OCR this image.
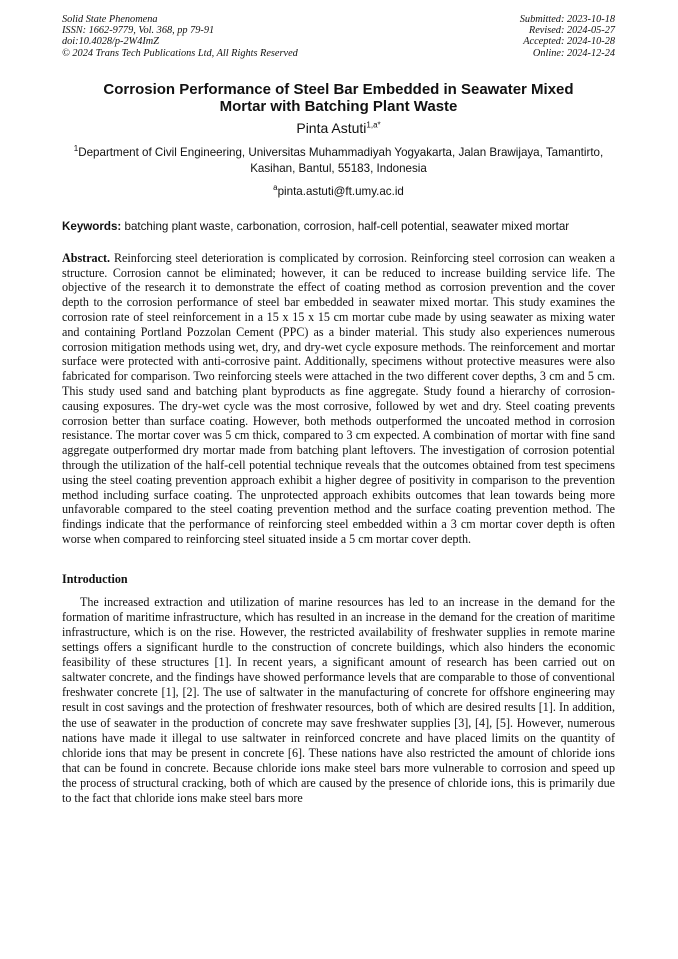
Solid State Phenomena
ISSN: 1662-9779, Vol. 368, pp 79-91
doi:10.4028/p-2W4ImZ
© 2024 Trans Tech Publications Ltd, All Rights Reserved
Submitted: 2023-10-18
Revised: 2024-05-27
Accepted: 2024-10-28
Online: 2024-12-24
Corrosion Performance of Steel Bar Embedded in Seawater Mixed Mortar with Batching Plant Waste
Pinta Astuti$^{1,a*}$
$^1$Department of Civil Engineering, Universitas Muhammadiyah Yogyakarta, Jalan Brawijaya, Tamantirto, Kasihan, Bantul, 55183, Indonesia
$^a$pinta.astuti@ft.umy.ac.id
Keywords: batching plant waste, carbonation, corrosion, half-cell potential, seawater mixed mortar
Abstract. Reinforcing steel deterioration is complicated by corrosion. Reinforcing steel corrosion can weaken a structure. Corrosion cannot be eliminated; however, it can be reduced to increase building service life. The objective of the research it to demonstrate the effect of coating method as corrosion prevention and the cover depth to the corrosion performance of steel bar embedded in seawater mixed mortar. This study examines the corrosion rate of steel reinforcement in a 15 x 15 x 15 cm mortar cube made by using seawater as mixing water and containing Portland Pozzolan Cement (PPC) as a binder material. This study also experiences numerous corrosion mitigation methods using wet, dry, and dry-wet cycle exposure methods. The reinforcement and mortar surface were protected with anti-corrosive paint. Additionally, specimens without protective measures were also fabricated for comparison. Two reinforcing steels were attached in the two different cover depths, 3 cm and 5 cm. This study used sand and batching plant byproducts as fine aggregate. Study found a hierarchy of corrosion-causing exposures. The dry-wet cycle was the most corrosive, followed by wet and dry. Steel coating prevents corrosion better than surface coating. However, both methods outperformed the uncoated method in corrosion resistance. The mortar cover was 5 cm thick, compared to 3 cm expected. A combination of mortar with fine sand aggregate outperformed dry mortar made from batching plant leftovers. The investigation of corrosion potential through the utilization of the half-cell potential technique reveals that the outcomes obtained from test specimens using the steel coating prevention approach exhibit a higher degree of positivity in comparison to the prevention method including surface coating. The unprotected approach exhibits outcomes that lean towards being more unfavorable compared to the steel coating prevention method and the surface coating prevention method. The findings indicate that the performance of reinforcing steel embedded within a 3 cm mortar cover depth is often worse when compared to reinforcing steel situated inside a 5 cm mortar cover depth.
Introduction
The increased extraction and utilization of marine resources has led to an increase in the demand for the formation of maritime infrastructure, which has resulted in an increase in the demand for the creation of maritime infrastructure, which is on the rise. However, the restricted availability of freshwater supplies in remote marine settings offers a significant hurdle to the construction of concrete buildings, which also hinders the economic feasibility of these structures [1]. In recent years, a significant amount of research has been carried out on saltwater concrete, and the findings have showed performance levels that are comparable to those of conventional freshwater concrete [1], [2]. The use of saltwater in the manufacturing of concrete for offshore engineering may result in cost savings and the protection of freshwater resources, both of which are desired results [1]. In addition, the use of seawater in the production of concrete may save freshwater supplies [3], [4], [5]. However, numerous nations have made it illegal to use saltwater in reinforced concrete and have placed limits on the quantity of chloride ions that may be present in concrete [6]. These nations have also restricted the amount of chloride ions that can be found in concrete. Because chloride ions make steel bars more vulnerable to corrosion and speed up the process of structural cracking, both of which are caused by the presence of chloride ions, this is primarily due to the fact that chloride ions make steel bars more
